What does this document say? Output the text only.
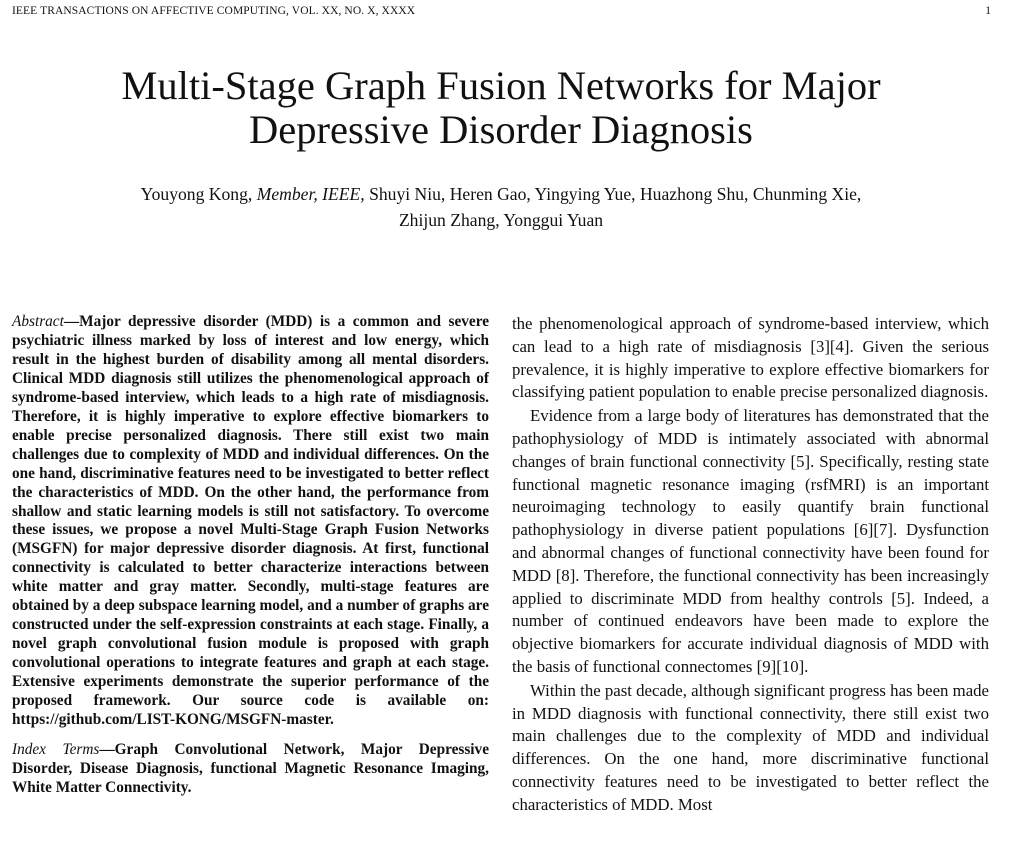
IEEE TRANSACTIONS ON AFFECTIVE COMPUTING, VOL. XX, NO. X, XXXX	1
Multi-Stage Graph Fusion Networks for Major
Depressive Disorder Diagnosis
Youyong Kong, Member, IEEE, Shuyi Niu, Heren Gao, Yingying Yue, Huazhong Shu, Chunming Xie,
Zhijun Zhang, Yonggui Yuan

Abstract—Major depressive disorder (MDD) is a common and severe psychiatric illness marked by loss of interest and low energy, which result in the highest burden of disability among all mental disorders. Clinical MDD diagnosis still utilizes the phenomenological approach of syndrome-based interview, which leads to a high rate of misdiagnosis. Therefore, it is highly imperative to explore effective biomarkers to enable precise personalized diagnosis. There still exist two main challenges due to complexity of MDD and individual differences. On the one hand, discriminative features need to be investigated to better reflect the characteristics of MDD. On the other hand, the performance from shallow and static learning models is still not satisfactory. To overcome these issues, we propose a novel Multi-Stage Graph Fusion Networks (MSGFN) for major depressive disorder diagnosis. At first, functional connectivity is calculated to better characterize interactions between white matter and gray matter. Secondly, multi-stage features are obtained by a deep subspace learning model, and a number of graphs are constructed under the self-expression constraints at each stage. Finally, a novel graph convolutional fusion module is proposed with graph convolutional operations to integrate features and graph at each stage. Extensive experiments demonstrate the superior performance of the proposed framework. Our source code is available on: https://github.com/LIST-KONG/MSGFN-master.

Index Terms—Graph Convolutional Network, Major Depressive Disorder, Disease Diagnosis, functional Magnetic Resonance Imaging, White Matter Connectivity.

the phenomenological approach of syndrome-based interview, which can lead to a high rate of misdiagnosis [3][4]. Given the serious prevalence, it is highly imperative to explore effective biomarkers for classifying patient population to enable precise personalized diagnosis.

Evidence from a large body of literatures has demonstrated that the pathophysiology of MDD is intimately associated with abnormal changes of brain functional connectivity [5]. Specifically, resting state functional magnetic resonance imaging (rsfMRI) is an important neuroimaging technology to easily quantify brain functional pathophysiology in diverse patient populations [6][7]. Dysfunction and abnormal changes of functional connectivity have been found for MDD [8]. Therefore, the functional connectivity has been increasingly applied to discriminate MDD from healthy controls [5]. Indeed, a number of continued endeavors have been made to explore the objective biomarkers for accurate individual diagnosis of MDD with the basis of functional connectomes [9][10].

Within the past decade, although significant progress has been made in MDD diagnosis with functional connectivity, there still exist two main challenges due to the complexity of MDD and individual differences. On the one hand, more discriminative functional connectivity features need to be investigated to better reflect the characteristics of MDD. Most
